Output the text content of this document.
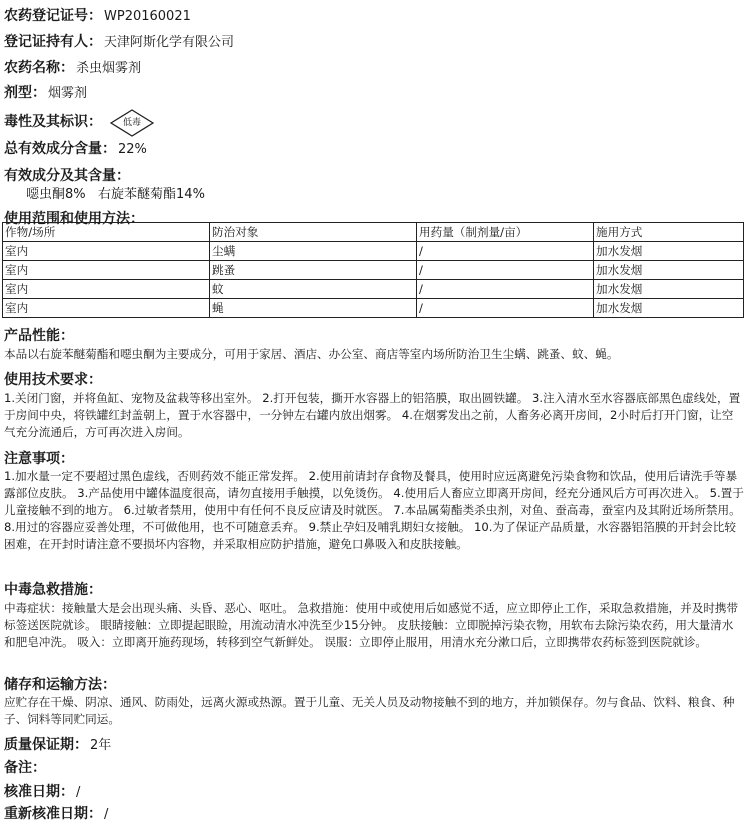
农药登记证号： WP20160021
登记证持有人： 天津阿斯化学有限公司
农药名称： 杀虫烟雾剂
剂型： 烟雾剂
毒性及其标识：	低毒
总有效成分含量： 22%
有效成分及其含量：
噁虫酮8%   右旋苯醚菊酯14%
使用范围和使用方法：
作物/场所	防治对象	用药量（制剂量/亩）	施用方式
室内	尘螨	/	加水发烟
室内	跳蚤	/	加水发烟
室内	蚊	/	加水发烟
室内	蝇	/	加水发烟
产品性能：
本品以右旋苯醚菊酯和噁虫酮为主要成分，可用于家居、酒店、办公室、商店等室内场所防治卫生尘螨、跳蚤、蚊、蝇。
使用技术要求：
1.关闭门窗，并将鱼缸、宠物及盆栽等移出室外。 2.打开包装，撕开水容器上的铝箔膜，取出圆铁罐。 3.注入清水至水容器底部黑色虚线处，置于房间中央，将铁罐红封盖朝上，置于水容器中，一分钟左右罐内放出烟雾。 4.在烟雾发出之前，人畜务必离开房间，2小时后打开门窗，让空气充分流通后，方可再次进入房间。
注意事项：
1.加水量一定不要超过黑色虚线，否则药效不能正常发挥。 2.使用前请封存食物及餐具，使用时应远离避免污染食物和饮品，使用后请洗手等暴露部位皮肤。 3.产品使用中罐体温度很高，请勿直接用手触摸，以免烫伤。 4.使用后人畜应立即离开房间，经充分通风后方可再次进入。 5.置于儿童接触不到的地方。 6.过敏者禁用，使用中有任何不良反应请及时就医。 7.本品属菊酯类杀虫剂，对鱼、蚕高毒，蚕室内及其附近场所禁用。 8.用过的容器应妥善处理，不可做他用，也不可随意丢弃。 9.禁止孕妇及哺乳期妇女接触。 10.为了保证产品质量，水容器铝箔膜的开封会比较困难，在开封时请注意不要损坏内容物，并采取相应防护措施，避免口鼻吸入和皮肤接触。
中毒急救措施：
中毒症状：接触量大是会出现头痛、头昏、恶心、呕吐。 急救措施：使用中或使用后如感觉不适，应立即停止工作，采取急救措施，并及时携带标签送医院就诊。 眼睛接触：立即提起眼睑，用流动清水冲洗至少15分钟。 皮肤接触：立即脱掉污染衣物，用软布去除污染农药，用大量清水和肥皂冲洗。 吸入：立即离开施药现场，转移到空气新鲜处。 误服：立即停止服用，用清水充分漱口后，立即携带农药标签到医院就诊。
储存和运输方法：
应贮存在干燥、阴凉、通风、防雨处，远离火源或热源。置于儿童、无关人员及动物接触不到的地方，并加锁保存。勿与食品、饮料、粮食、种子、饲料等同贮同运。
质量保证期： 2年
备注：
核准日期： /
重新核准日期： /
